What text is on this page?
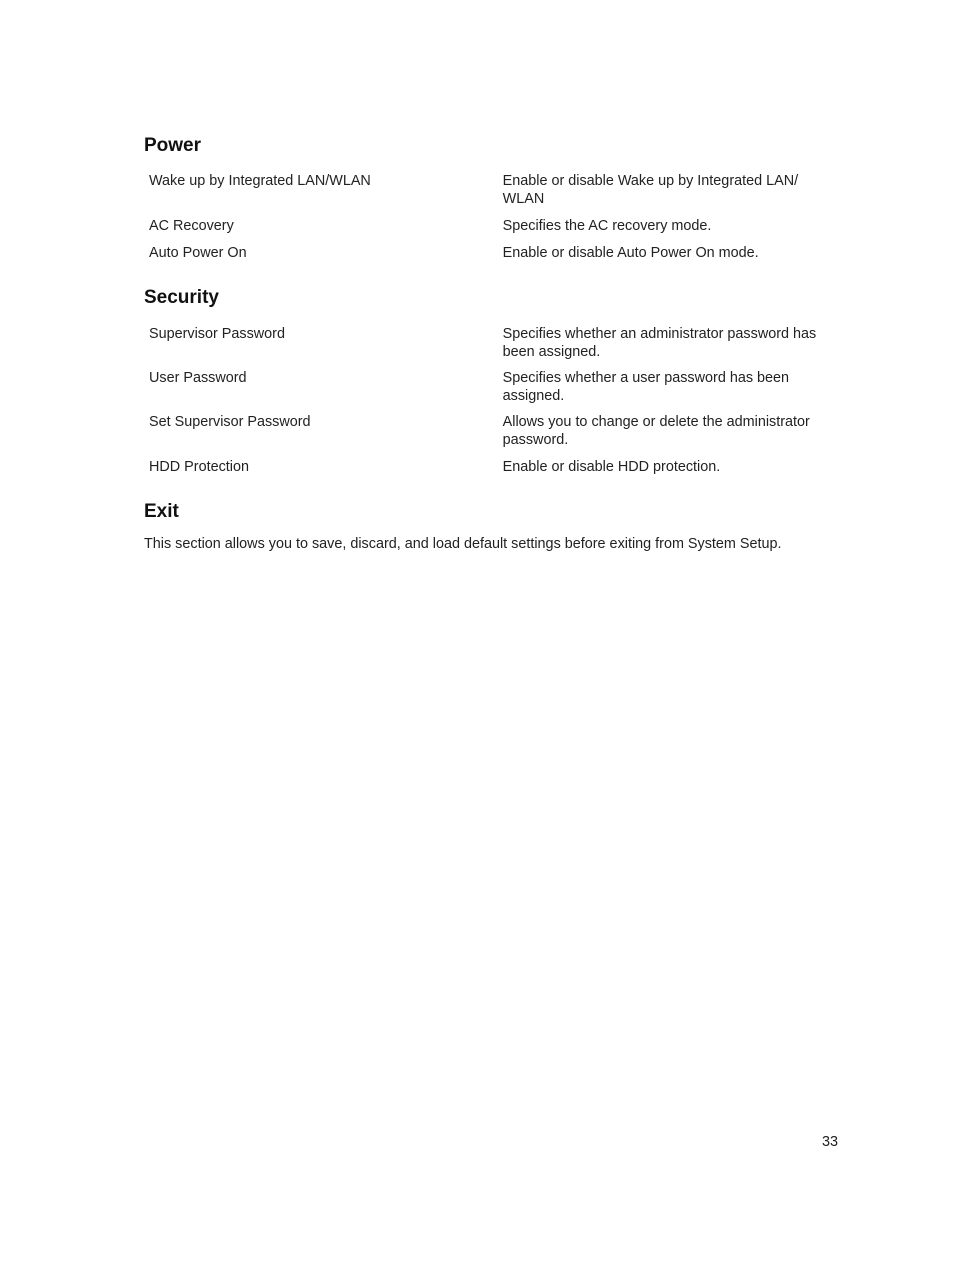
Power
Wake up by Integrated LAN/WLAN	Enable or disable Wake up by Integrated LAN/
WLAN
AC Recovery	Specifies the AC recovery mode.
Auto Power On	Enable or disable Auto Power On mode.
Security
Supervisor Password	Specifies whether an administrator password has
been assigned.
User Password	Specifies whether a user password has been
assigned.
Set Supervisor Password	Allows you to change or delete the administrator
password.
HDD Protection	Enable or disable HDD protection.
Exit

This section allows you to save, discard, and load default settings before exiting from System Setup.

33
